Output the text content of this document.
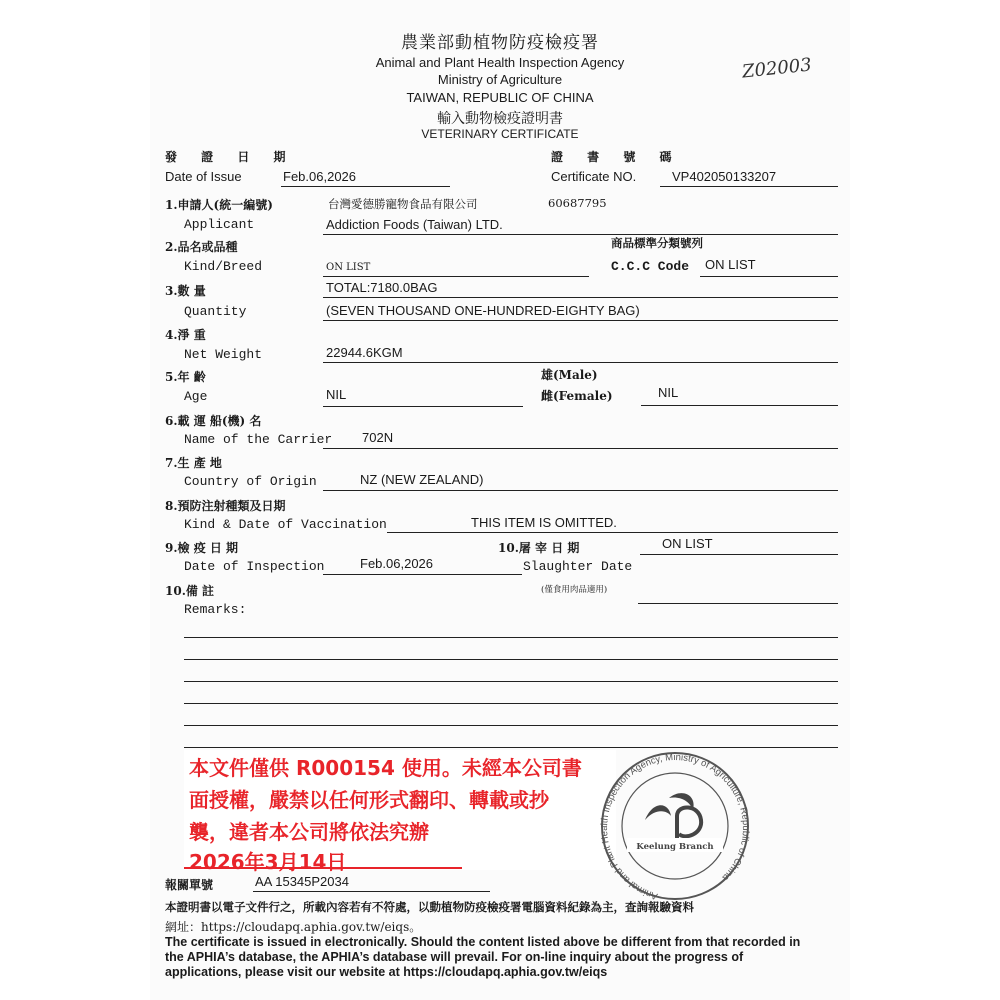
農業部動植物防疫檢疫署
Animal and Plant Health Inspection Agency
Ministry of Agriculture
TAIWAN, REPUBLIC OF CHINA
輸入動物檢疫證明書
VETERINARY CERTIFICATE
Z02003
發 證 日 期
Date of Issue	Feb.06,2026
證 書 號 碼
Certificate NO.	VP402050133207
1.申請人(統一編號)	台灣愛德勝寵物食品有限公司	60687795
Applicant	Addiction Foods (Taiwan) LTD.
2.品名或品種	商品標準分類號列
Kind/Breed	ON LIST	C.C.C Code ON LIST
3.數 量	TOTAL:7180.0BAG
Quantity	(SEVEN THOUSAND ONE-HUNDRED-EIGHTY BAG)
4.淨 重
Net Weight	22944.6KGM
5.年 齡
Age	NIL
雄(Male)
雌(Female)	NIL
6.載 運 船(機) 名
Name of the Carrier 702N
7.生 產 地
Country of Origin	NZ (NEW ZEALAND)
8.預防注射種類及日期
Kind & Date of Vaccination	THIS ITEM IS OMITTED.
9.檢 疫 日 期
Date of Inspection	Feb.06,2026
10.屠 宰 日 期
Slaughter Date
ON LIST
(僅食用肉品適用)
10.備 註
Remarks:
本文件僅供 R000154 使用。未經本公司書
面授權，嚴禁以任何形式翻印、轉載或抄
襲，違者本公司將依法究辦
2026年3月14日
Animal and Plant Health Inspection Agency, Ministry of Agriculture, Republic of China
Keelung Branch
報關單號	AA 15345P2034
本證明書以電子文件行之，所載內容若有不符處，以動植物防疫檢疫署電腦資料紀錄為主，查詢報驗資料
網址：https://cloudapq.aphia.gov.tw/eiqs。
The certificate is issued in electronically. Should the content listed above be different from that recorded in
the APHIA’s database, the APHIA’s database will prevail. For on-line inquiry about the progress of
applications, please visit our website at https://cloudapq.aphia.gov.tw/eiqs
